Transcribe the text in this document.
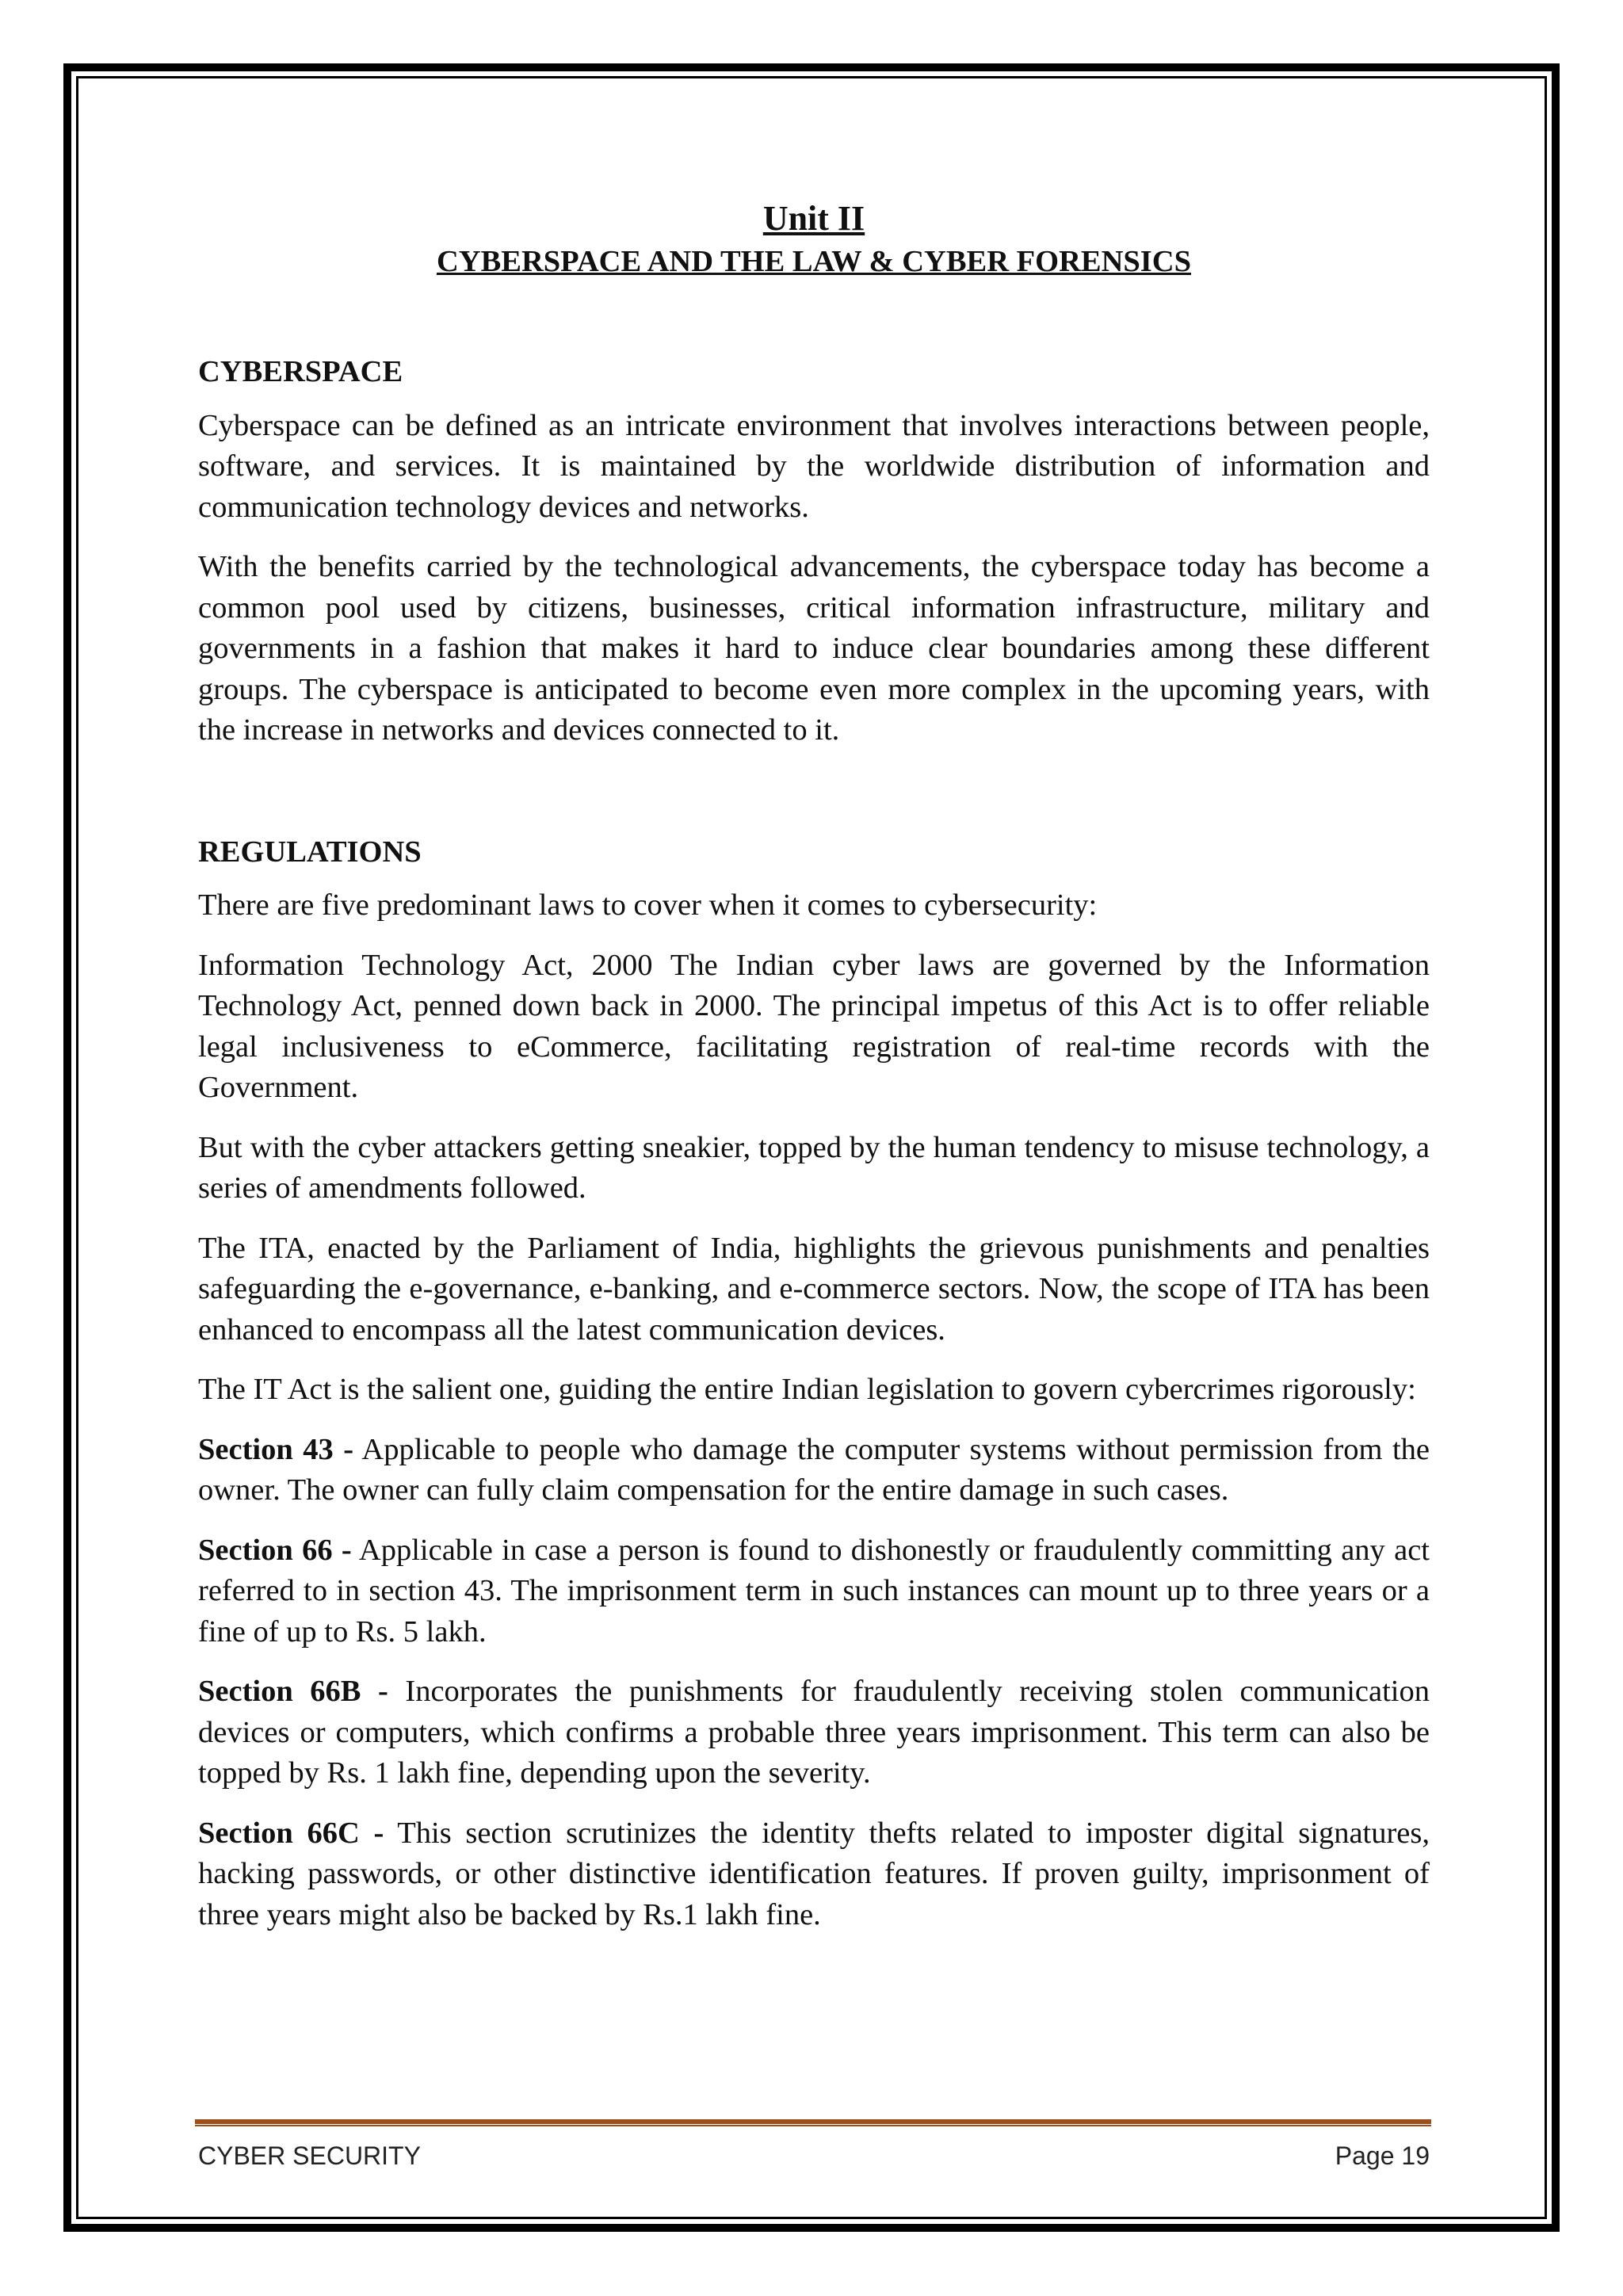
Unit II
CYBERSPACE AND THE LAW & CYBER FORENSICS
CYBERSPACE

Cyberspace can be defined as an intricate environment that involves interactions between people, software, and services. It is maintained by the worldwide distribution of information and communication technology devices and networks.

With the benefits carried by the technological advancements, the cyberspace today has become a common pool used by citizens, businesses, critical information infrastructure, military and governments in a fashion that makes it hard to induce clear boundaries among these different groups. The cyberspace is anticipated to become even more complex in the upcoming years, with the increase in networks and devices connected to it.

REGULATIONS

There are five predominant laws to cover when it comes to cybersecurity:

Information Technology Act, 2000 The Indian cyber laws are governed by the Information Technology Act, penned down back in 2000. The principal impetus of this Act is to offer reliable legal inclusiveness to eCommerce, facilitating registration of real-time records with the Government.

But with the cyber attackers getting sneakier, topped by the human tendency to misuse technology, a series of amendments followed.

The ITA, enacted by the Parliament of India, highlights the grievous punishments and penalties safeguarding the e-governance, e-banking, and e-commerce sectors. Now, the scope of ITA has been enhanced to encompass all the latest communication devices.

The IT Act is the salient one, guiding the entire Indian legislation to govern cybercrimes rigorously:

Section 43 - Applicable to people who damage the computer systems without permission from the owner. The owner can fully claim compensation for the entire damage in such cases.

Section 66 - Applicable in case a person is found to dishonestly or fraudulently committing any act referred to in section 43. The imprisonment term in such instances can mount up to three years or a fine of up to Rs. 5 lakh.

Section 66B - Incorporates the punishments for fraudulently receiving stolen communication devices or computers, which confirms a probable three years imprisonment. This term can also be topped by Rs. 1 lakh fine, depending upon the severity.

Section 66C - This section scrutinizes the identity thefts related to imposter digital signatures, hacking passwords, or other distinctive identification features. If proven guilty, imprisonment of three years might also be backed by Rs.1 lakh fine.

CYBER SECURITY	Page 19
